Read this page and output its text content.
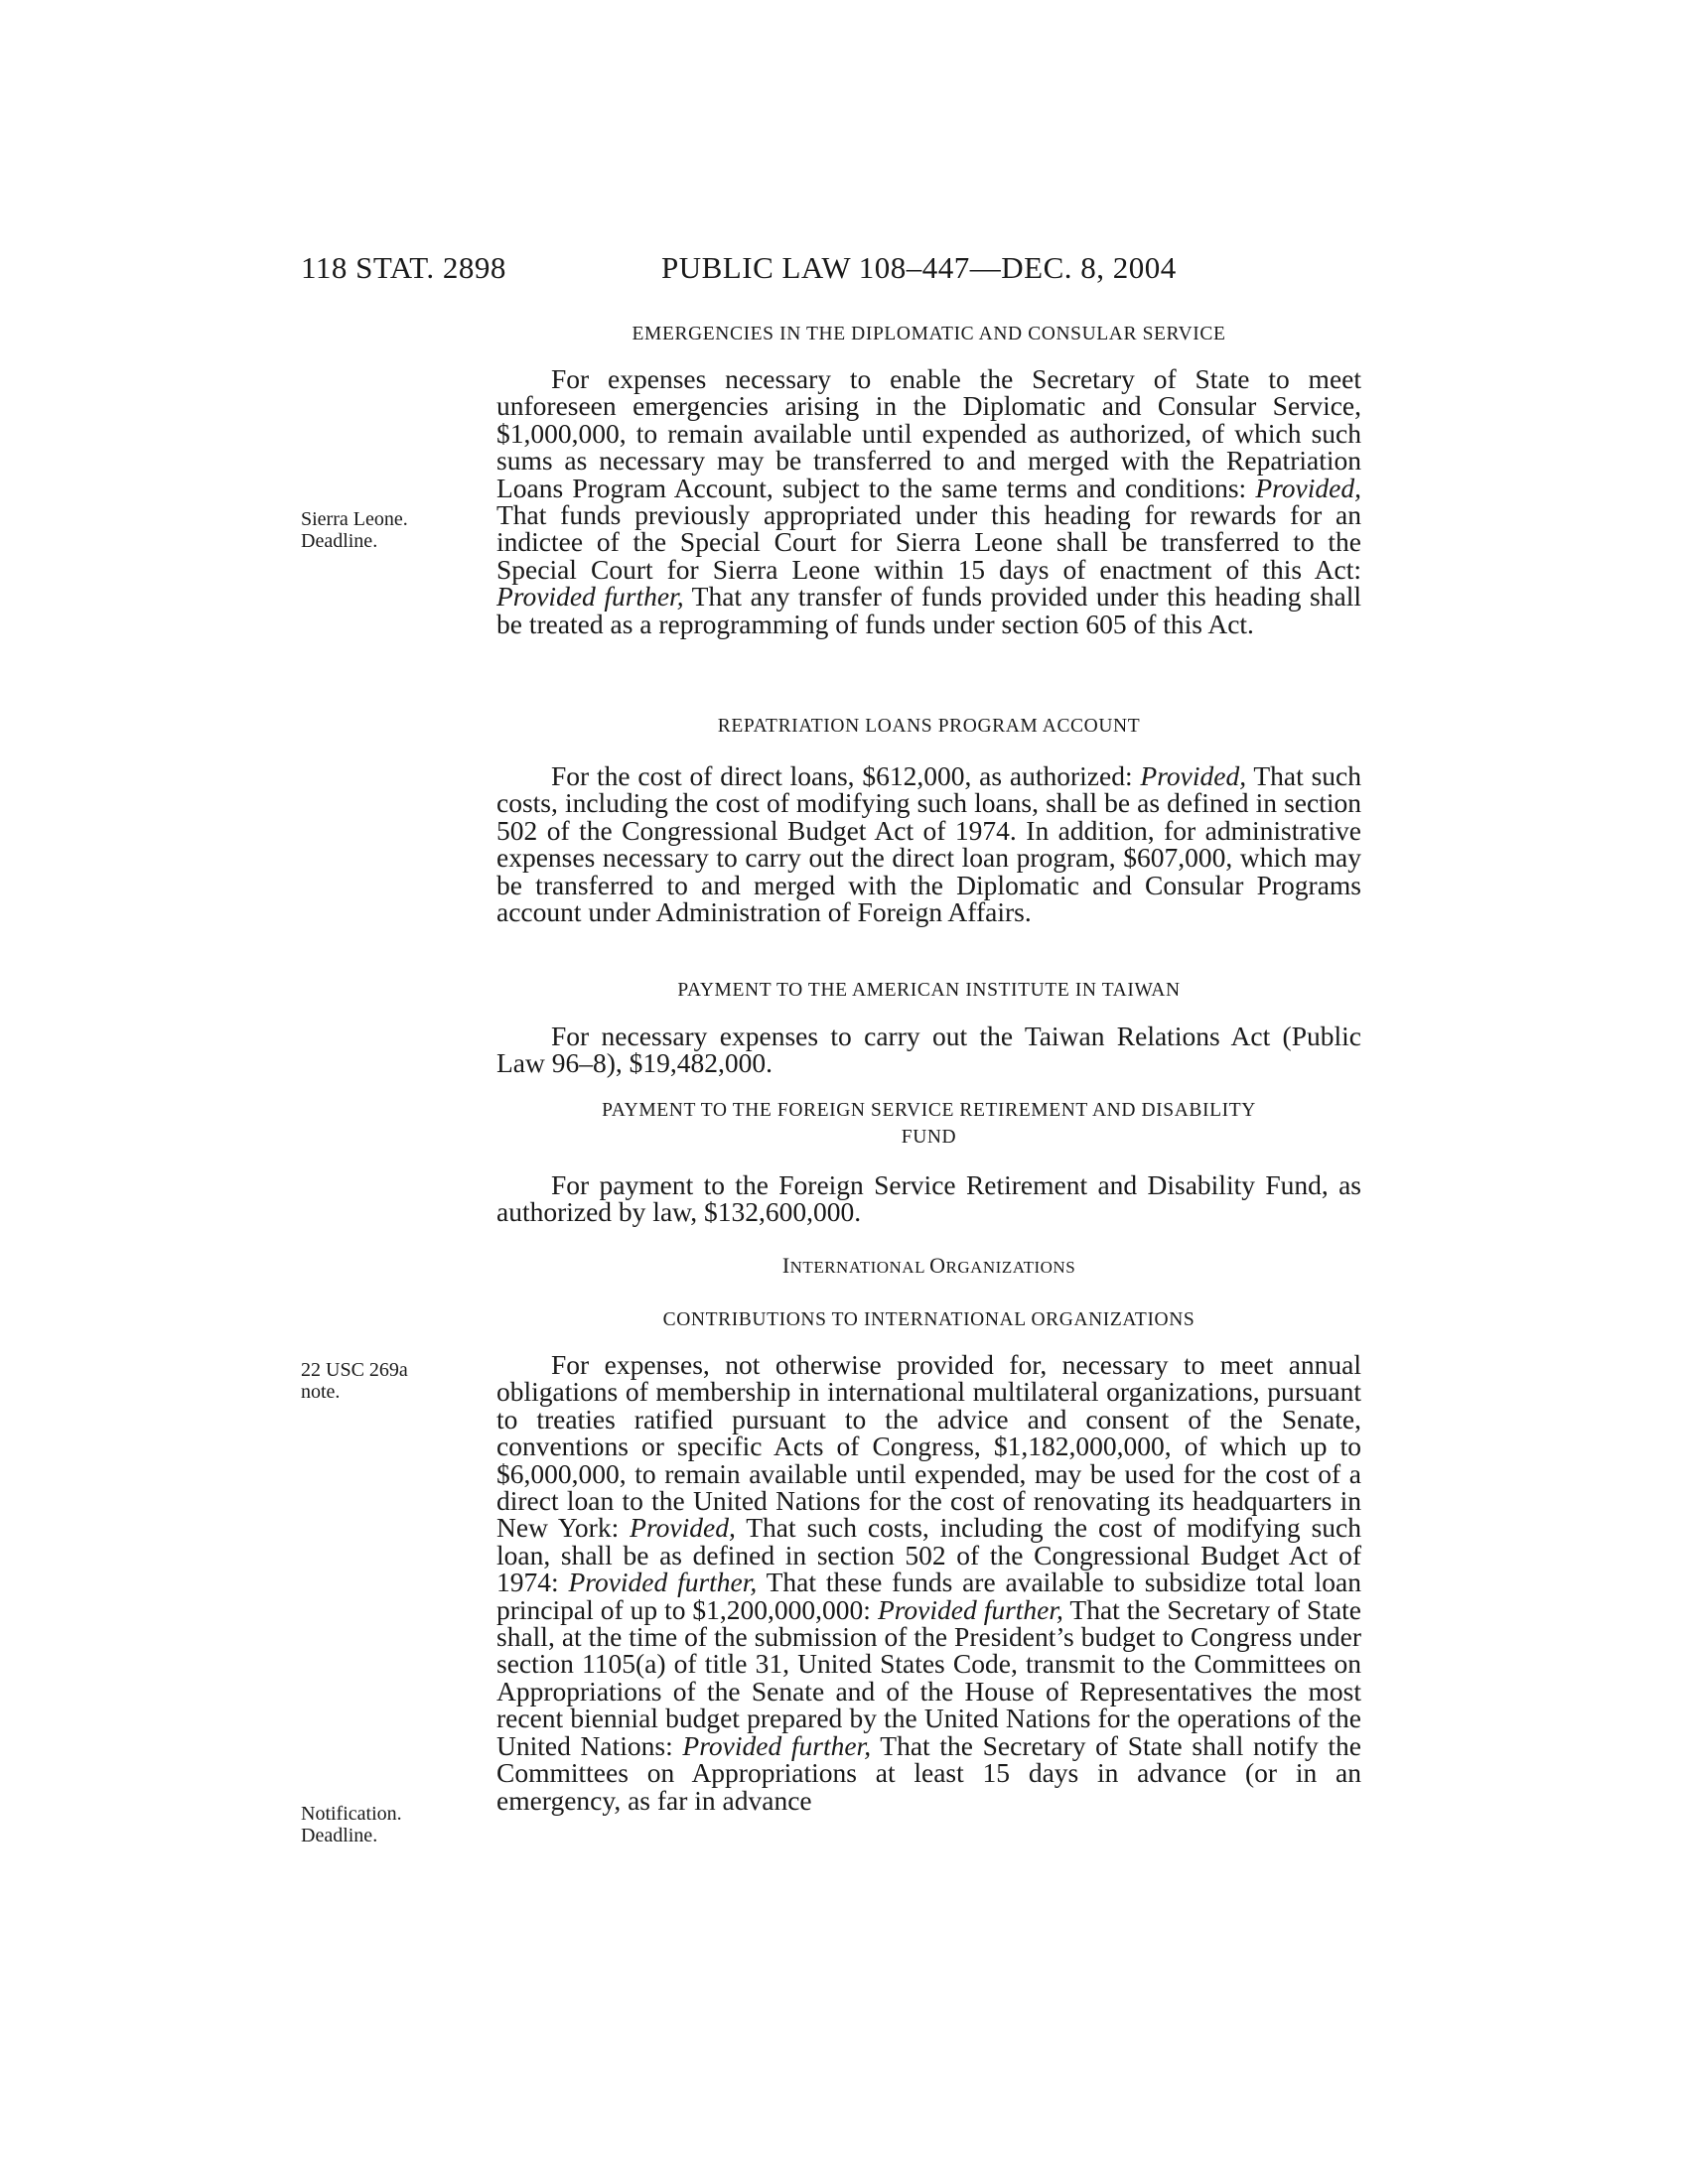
118 STAT. 2898	PUBLIC LAW 108–447—DEC. 8, 2004
Sierra Leone.
Deadline.
22 USC 269a
note.
Notification.
Deadline.
EMERGENCIES IN THE DIPLOMATIC AND CONSULAR SERVICE
For expenses necessary to enable the Secretary of State to meet unforeseen emergencies arising in the Diplomatic and Consular Service, $1,000,000, to remain available until expended as authorized, of which such sums as necessary may be transferred to and merged with the Repatriation Loans Program Account, subject to the same terms and conditions: Provided, That funds previously appropriated under this heading for rewards for an indictee of the Special Court for Sierra Leone shall be transferred to the Special Court for Sierra Leone within 15 days of enactment of this Act: Provided further, That any transfer of funds provided under this heading shall be treated as a reprogramming of funds under section 605 of this Act.
REPATRIATION LOANS PROGRAM ACCOUNT
For the cost of direct loans, $612,000, as authorized: Provided, That such costs, including the cost of modifying such loans, shall be as defined in section 502 of the Congressional Budget Act of 1974. In addition, for administrative expenses necessary to carry out the direct loan program, $607,000, which may be transferred to and merged with the Diplomatic and Consular Programs account under Administration of Foreign Affairs.
PAYMENT TO THE AMERICAN INSTITUTE IN TAIWAN
For necessary expenses to carry out the Taiwan Relations Act (Public Law 96–8), $19,482,000.
PAYMENT TO THE FOREIGN SERVICE RETIREMENT AND DISABILITY
FUND
For payment to the Foreign Service Retirement and Disability Fund, as authorized by law, $132,600,000.
INTERNATIONAL ORGANIZATIONS
CONTRIBUTIONS TO INTERNATIONAL ORGANIZATIONS
For expenses, not otherwise provided for, necessary to meet annual obligations of membership in international multilateral organizations, pursuant to treaties ratified pursuant to the advice and consent of the Senate, conventions or specific Acts of Congress, $1,182,000,000, of which up to $6,000,000, to remain available until expended, may be used for the cost of a direct loan to the United Nations for the cost of renovating its headquarters in New York: Provided, That such costs, including the cost of modifying such loan, shall be as defined in section 502 of the Congressional Budget Act of 1974: Provided further, That these funds are available to subsidize total loan principal of up to $1,200,000,000: Provided further, That the Secretary of State shall, at the time of the submission of the President’s budget to Congress under section 1105(a) of title 31, United States Code, transmit to the Committees on Appropriations of the Senate and of the House of Representatives the most recent biennial budget prepared by the United Nations for the operations of the United Nations: Provided further, That the Secretary of State shall notify the Committees on Appropriations at least 15 days in advance (or in an emergency, as far in advance
